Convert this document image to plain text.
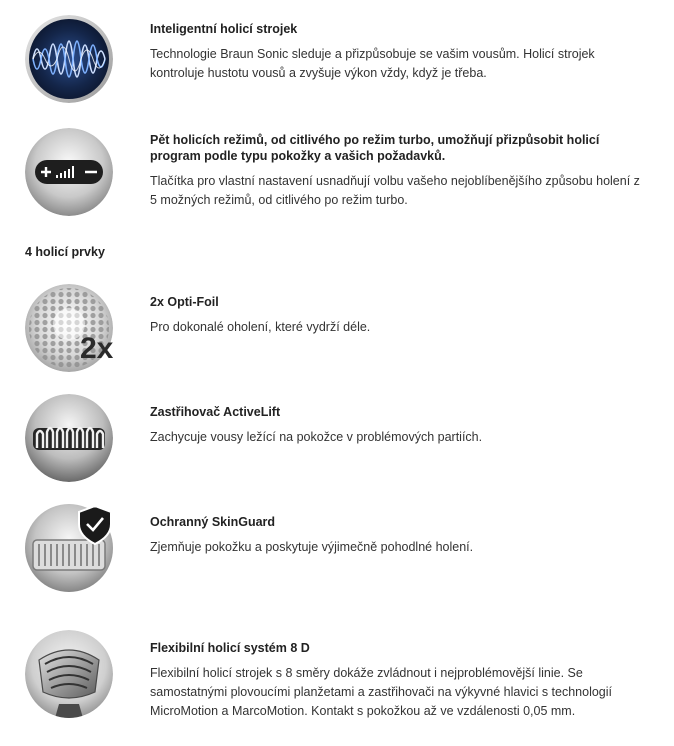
Inteligentní holicí strojek

Technologie Braun Sonic sleduje a přizpůsobuje se vašim vousům. Holicí strojek kontroluje hustotu vousů a zvyšuje výkon vždy, když je třeba.

Pět holicích režimů, od citlivého po režim turbo, umožňují přizpůsobit holicí program podle typu pokožky a vašich požadavků.

Tlačítka pro vlastní nastavení usnadňují volbu vašeho nejoblíbenějšího způsobu holení z 5 možných režimů, od citlivého po režim turbo.

4 holicí prvky

2x

2x Opti-Foil

Pro dokonalé oholení, které vydrží déle.

Zastřihovač ActiveLift

Zachycuje vousy ležící na pokožce v problémových partiích.

Ochranný SkinGuard

Zjemňuje pokožku a poskytuje výjimečně pohodlné holení.

Flexibilní holicí systém 8 D

Flexibilní holicí strojek s 8 směry dokáže zvládnout i nejproblémovější linie. Se samostatnými plovoucími planžetami a zastřihovači na výkyvné hlavici s technologií MicroMotion a MarcoMotion. Kontakt s pokožkou až ve vzdálenosti 0,05 mm.
